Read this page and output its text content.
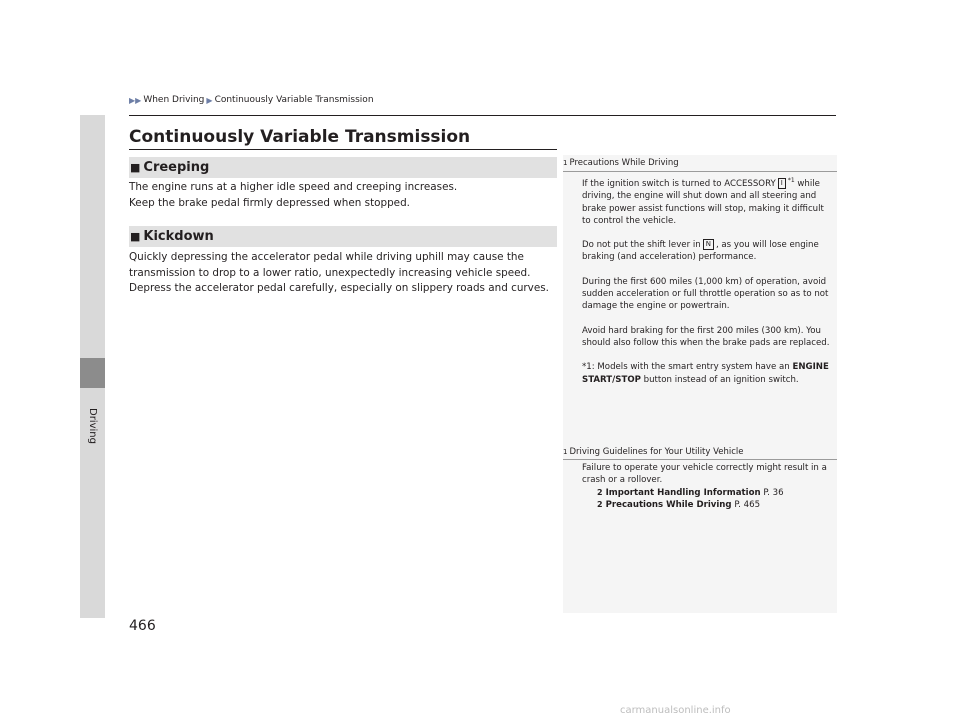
Driving
▶▶ When Driving ▶ Continuously Variable Transmission
Continuously Variable Transmission
■ Creeping
The engine runs at a higher idle speed and creeping increases.
Keep the brake pedal firmly depressed when stopped.
■ Kickdown
Quickly depressing the accelerator pedal while driving uphill may cause the
transmission to drop to a lower ratio, unexpectedly increasing vehicle speed.
Depress the accelerator pedal carefully, especially on slippery roads and curves.
1 Precautions While Driving

If the ignition switch is turned to ACCESSORY I $^{*1}$ while driving, the engine will shut down and all steering and brake power assist functions will stop, making it difficult to control the vehicle.

Do not put the shift lever in N , as you will lose engine braking (and acceleration) performance.

During the first 600 miles (1,000 km) of operation, avoid sudden acceleration or full throttle operation so as to not damage the engine or powertrain.

Avoid hard braking for the first 200 miles (300 km). You should also follow this when the brake pads are replaced.

*1: Models with the smart entry system have an ENGINE START/STOP button instead of an ignition switch.

1 Driving Guidelines for Your Utility Vehicle
Failure to operate your vehicle correctly might result in a crash or a rollover.
2 Important Handling Information P. 36
2 Precautions While Driving P. 465
466
carmanualsonline.info
